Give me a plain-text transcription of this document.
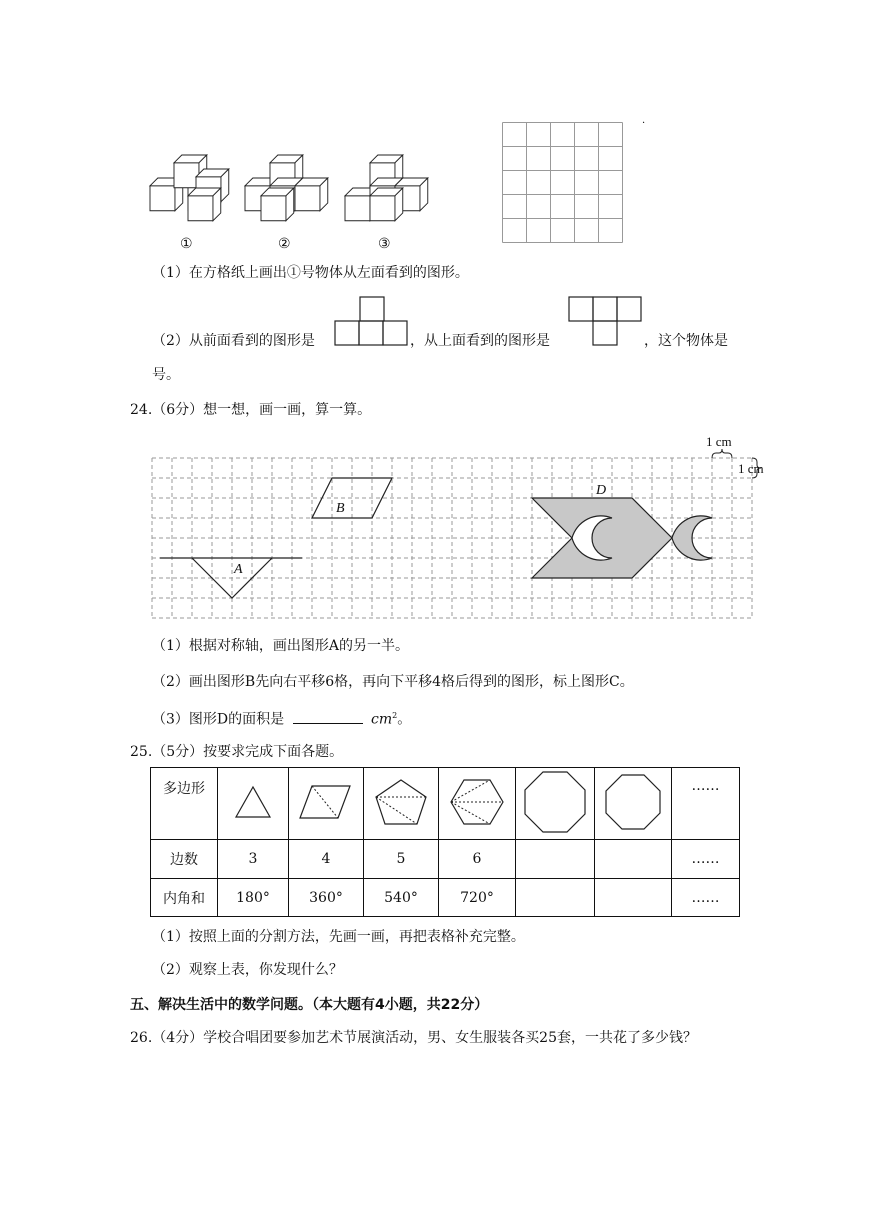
①	②	③
·
（1）在方格纸上画出①号物体从左面看到的图形。
（2）从前面看到的图形是	，从上面看到的图形是	，这个物体是
号。
24.（6分）想一想，画一画，算一算。
1 cm
1 cm
A
B
D
（1）根据对称轴，画出图形A的另一半。
（2）画出图形B先向右平移6格，再向下平移4格后得到的图形，标上图形C。
（3）图形D的面积是	$cm^2$。
25.（5分）按要求完成下面各题。
多边形							……
边数	3	4	5	6			……
内角和	180°	360°	540°	720°			……
（1）按照上面的分割方法，先画一画，再把表格补充完整。
（2）观察上表，你发现什么？
五、解决生活中的数学问题。（本大题有4小题，共22分）
26.（4分）学校合唱团要参加艺术节展演活动，男、女生服装各买25套，一共花了多少钱？
